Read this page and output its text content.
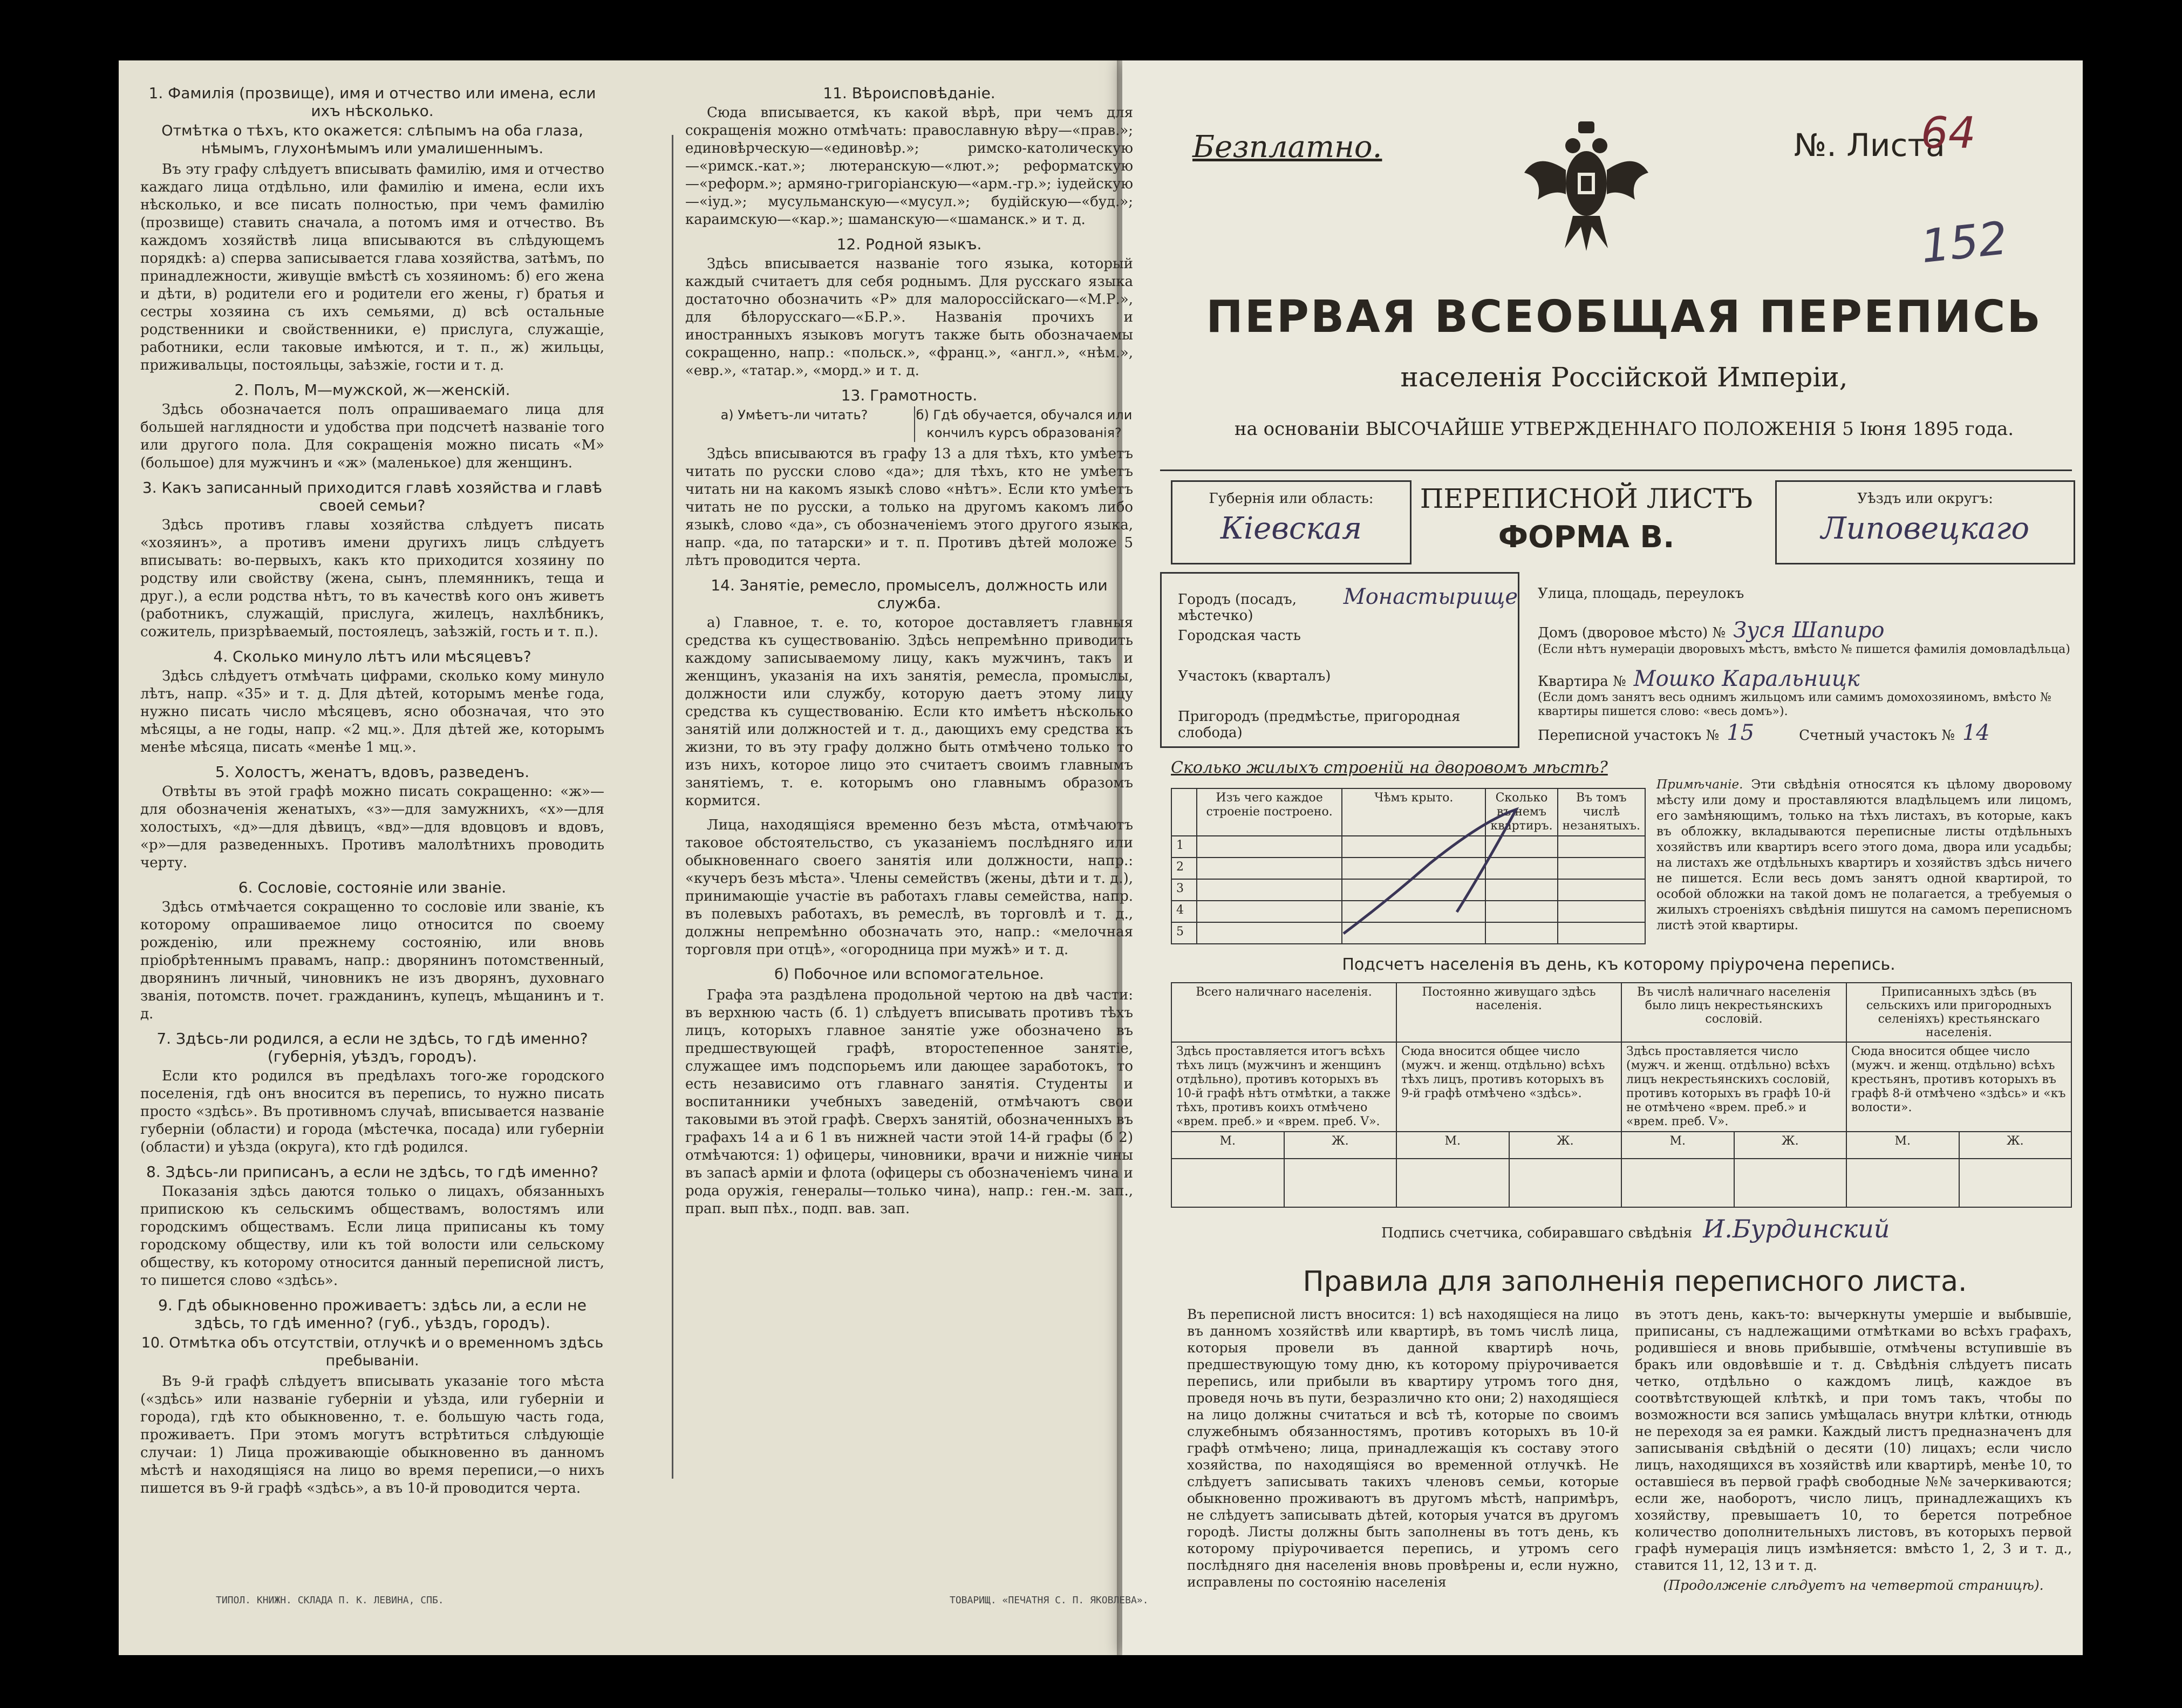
1. Фамилія (прозвище), имя и отчество или имена, если ихъ нѣсколько.
Отмѣтка о тѣхъ, кто окажется: слѣпымъ на оба глаза, нѣмымъ, глухонѣмымъ или умалишеннымъ.

Въ эту графу слѣдуетъ вписывать фамилію, имя и отчество каждаго лица отдѣльно, или фамилію и имена, если ихъ нѣсколько, и все писать полностью, при чемъ фамилію (прозвище) ставить сначала, а потомъ имя и отчество. Въ каждомъ хозяйствѣ лица вписываются въ слѣдующемъ порядкѣ: а) сперва записывается глава хозяйства, затѣмъ, по принадлежности, живущіе вмѣстѣ съ хозяиномъ: б) его жена и дѣти, в) родители его и родители его жены, г) братья и сестры хозяина съ ихъ семьями, д) всѣ остальные родственники и свойственники, е) прислуга, служащіе, работники, если таковые имѣются, и т. п., ж) жильцы, приживальцы, постояльцы, заѣзжіе, гости и т. д.

2. Полъ, М—мужской, ж—женскій.

Здѣсь обозначается полъ опрашиваемаго лица для большей наглядности и удобства при подсчетѣ названіе того или другого пола. Для сокращенія можно писать «М» (большое) для мужчинъ и «ж» (маленькое) для женщинъ.

3. Какъ записанный приходится главѣ хозяйства и главѣ своей семьи?

Здѣсь противъ главы хозяйства слѣдуетъ писать «хозяинъ», а противъ имени другихъ лицъ слѣдуетъ вписывать: во-первыхъ, какъ кто приходится хозяину по родству или свойству (жена, сынъ, племянникъ, теща и друг.), а если родства нѣтъ, то въ качествѣ кого онъ живетъ (работникъ, служащій, прислуга, жилецъ, нахлѣбникъ, сожитель, призрѣваемый, постоялецъ, заѣзжій, гость и т. п.).

4. Сколько минуло лѣтъ или мѣсяцевъ?

Здѣсь слѣдуетъ отмѣчать цифрами, сколько кому минуло лѣтъ, напр. «35» и т. д. Для дѣтей, которымъ менѣе года, нужно писать число мѣсяцевъ, ясно обозначая, что это мѣсяцы, а не годы, напр. «2 мц.». Для дѣтей же, которымъ менѣе мѣсяца, писать «менѣе 1 мц.».

5. Холостъ, женатъ, вдовъ, разведенъ.

Отвѣты въ этой графѣ можно писать сокращенно: «ж»—для обозначенія женатыхъ, «з»—для замужнихъ, «х»—для холостыхъ, «д»—для дѣвицъ, «вд»—для вдовцовъ и вдовъ, «р»—для разведенныхъ. Противъ малолѣтнихъ проводить черту.

6. Сословіе, состояніе или званіе.

Здѣсь отмѣчается сокращенно то сословіе или званіе, къ которому опрашиваемое лицо относится по своему рожденію, или прежнему состоянію, или вновь пріобрѣтеннымъ правамъ, напр.: дворянинъ потомственный, дворянинъ личный, чиновникъ не изъ дворянъ, духовнаго званія, потомств. почет. гражданинъ, купецъ, мѣщанинъ и т. д.

7. Здѣсь-ли родился, а если не здѣсь, то гдѣ именно? (губернія, уѣздъ, городъ).

Если кто родился въ предѣлахъ того-же городского поселенія, гдѣ онъ вносится въ перепись, то нужно писать просто «здѣсь». Въ противномъ случаѣ, вписывается названіе губерніи (области) и города (мѣстечка, посада) или губерніи (области) и уѣзда (округа), кто гдѣ родился.

8. Здѣсь-ли приписанъ, а если не здѣсь, то гдѣ именно?

Показанія здѣсь даются только о лицахъ, обязанныхъ припискою къ сельскимъ обществамъ, волостямъ или городскимъ обществамъ. Если лица приписаны къ тому городскому обществу, или къ той волости или сельскому обществу, къ которому относится данный переписной листъ, то пишется слово «здѣсь».

9. Гдѣ обыкновенно проживаетъ: здѣсь ли, а если не здѣсь, то гдѣ именно? (губ., уѣздъ, городъ).
10. Отмѣтка объ отсутствіи, отлучкѣ и о временномъ здѣсь пребываніи.

Въ 9-й графѣ слѣдуетъ вписывать указаніе того мѣста («здѣсь» или названіе губерніи и уѣзда, или губерніи и города), гдѣ кто обыкновенно, т. е. большую часть года, проживаетъ. При этомъ могутъ встрѣтиться слѣдующіе случаи: 1) Лица проживающіе обыкновенно въ данномъ мѣстѣ и находящіяся на лицо во время переписи,—о нихъ пишется въ 9-й графѣ «здѣсь», а въ 10-й проводится черта.

11. Вѣроисповѣданіе.

Сюда вписывается, къ какой вѣрѣ, при чемъ для сокращенія можно отмѣчать: православную вѣру—«прав.»; единовѣрческую—«единовѣр.»; римско-католическую—«римск.-кат.»; лютеранскую—«лют.»; реформатскую—«реформ.»; армяно-григоріанскую—«арм.-гр.»; іудейскую—«іуд.»; мусульманскую—«мусул.»; будійскую—«буд.»; караимскую—«кар.»; шаманскую—«шаманск.» и т. д.

12. Родной языкъ.

Здѣсь вписывается названіе того языка, который каждый считаетъ для себя роднымъ. Для русскаго языка достаточно обозначить «Р» для малороссійскаго—«М.Р.», для бѣлорусскаго—«Б.Р.». Названія прочихъ и иностранныхъ языковъ могутъ также быть обозначаемы сокращенно, напр.: «польск.», «франц.», «англ.», «нѣм.», «евр.», «татар.», «морд.» и т. д.

13. Грамотность.
а) Умѣетъ-ли читать?	б) Гдѣ обучается, обучался или кончилъ курсъ образованія?

Здѣсь вписываются въ графу 13 а для тѣхъ, кто умѣетъ читать по русски слово «да»; для тѣхъ, кто не умѣетъ читать ни на какомъ языкѣ слово «нѣтъ». Если кто умѣетъ читать не по русски, а только на другомъ какомъ либо языкѣ, слово «да», съ обозначеніемъ этого другого языка, напр. «да, по татарски» и т. п. Противъ дѣтей моложе 5 лѣтъ проводится черта.

14. Занятіе, ремесло, промыселъ, должность или служба.

а) Главное, т. е. то, которое доставляетъ главныя средства къ существованію. Здѣсь непремѣнно приводить каждому записываемому лицу, какъ мужчинъ, такъ и женщинъ, указанія на ихъ занятія, ремесла, промыслы, должности или службу, которую даетъ этому лицу средства къ существованію. Если кто имѣетъ нѣсколько занятій или должностей и т. д., дающихъ ему средства къ жизни, то въ эту графу должно быть отмѣчено только то изъ нихъ, которое лицо это считаетъ своимъ главнымъ занятіемъ, т. е. которымъ оно главнымъ образомъ кормится.

Лица, находящіяся временно безъ мѣста, отмѣчаютъ таковое обстоятельство, съ указаніемъ послѣдняго или обыкновеннаго своего занятія или должности, напр.: «кучеръ безъ мѣста». Члены семействъ (жены, дѣти и т. д.), принимающіе участіе въ работахъ главы семейства, напр. въ полевыхъ работахъ, въ ремеслѣ, въ торговлѣ и т. д., должны непремѣнно обозначать это, напр.: «мелочная торговля при отцѣ», «огородница при мужѣ» и т. д.

б) Побочное или вспомогательное.

Графа эта раздѣлена продольной чертою на двѣ части: въ верхнюю часть (б. 1) слѣдуетъ вписывать противъ тѣхъ лицъ, которыхъ главное занятіе уже обозначено въ предшествующей графѣ, второстепенное занятіе, служащее имъ подспорьемъ или дающее заработокъ, то есть независимо отъ главнаго занятія. Студенты и воспитанники учебныхъ заведеній, отмѣчаютъ свои таковыми въ этой графѣ. Сверхъ занятій, обозначенныхъ въ графахъ 14 а и 6 1 въ нижней части этой 14-й графы (б 2) отмѣчаются: 1) офицеры, чиновники, врачи и нижніе чины въ запасѣ арміи и флота (офицеры съ обозначеніемъ чина и рода оружія, генералы—только чина), напр.: ген.-м. зап., прап. вып пѣх., подп. вав. зап.

ТИПОЛ. КНИЖН. СКЛАДА П. К. ЛЕВИНА, СПБ.	ТОВАРИЩ. «ПЕЧАТНЯ С. П. ЯКОВЛЕВА».
Безплатно.	№. Листа
64
152
ПЕРВАЯ ВСЕОБЩАЯ ПЕРЕПИСЬ
населенія Россійской Имперіи,
на основаніи ВЫСОЧАЙШЕ УТВЕРЖДЕННАГО ПОЛОЖЕНІЯ 5 Іюня 1895 года.
Губернія или область:
Кіевская
ПЕРЕПИСНОЙ ЛИСТЪ
ФОРМА В.
Уѣздъ или округъ:
Липовецкаго
Городъ (посадъ, мѣстечко)
Монастырище
Городская часть
Участокъ (кварталъ)
Пригородъ (предмѣстье, пригородная слобода)
Улица, площадь, переулокъ
Домъ (дворовое мѣсто) № Зуся Шапиро
(Если нѣтъ нумераціи дворовыхъ мѣстъ, вмѣсто № пишется фамилія домовладѣльца)
Квартира № Мошко Каральницк
(Если домъ занятъ весь однимъ жильцомъ или самимъ домохозяиномъ, вмѣсто № квартиры пишется слово: «весь домъ»).
Переписной участокъ № 15	Счетный участокъ № 14
Сколько жилыхъ строеній на дворовомъ мѣстѣ?
	Изъ чего каждое строеніе построено.	Чѣмъ крыто.	Сколько въ немъ квартиръ.	Въ томъ числѣ незанятыхъ.
1				
2				
3				
4				
5				
Примѣчаніе. Эти свѣдѣнія относятся къ цѣлому дворовому мѣсту или дому и проставляются владѣльцемъ или лицомъ, его замѣняющимъ, только на тѣхъ листахъ, въ которые, какъ въ обложку, вкладываются переписные листы отдѣльныхъ хозяйствъ или квартиръ всего этого дома, двора или усадьбы; на листахъ же отдѣльныхъ квартиръ и хозяйствъ здѣсь ничего не пишется. Если весь домъ занятъ одной квартирой, то особой обложки на такой домъ не полагается, а требуемыя о жилыхъ строеніяхъ свѣдѣнія пишутся на самомъ переписномъ листѣ этой квартиры.
Подсчетъ населенія въ день, къ которому пріурочена перепись.
Всего наличнаго населенія.		Постоянно живущаго здѣсь населенія.		Въ числѣ наличнаго населенія было лицъ некрестьянскихъ сословій.		Приписанныхъ здѣсь (въ сельскихъ или пригородныхъ селеніяхъ) крестьянскаго населенія.	
Здѣсь проставляется итогъ всѣхъ тѣхъ лицъ (мужчинъ и женщинъ отдѣльно), противъ которыхъ въ 10-й графѣ нѣтъ отмѣтки, а также тѣхъ, противъ коихъ отмѣчено «врем. преб.» и «врем. преб. V».		Сюда вносится общее число (мужч. и женщ. отдѣльно) всѣхъ тѣхъ лицъ, противъ которыхъ въ 9-й графѣ отмѣчено «здѣсь».		Здѣсь проставляется число (мужч. и женщ. отдѣльно) всѣхъ лицъ некрестьянскихъ сословій, противъ которыхъ въ графѣ 10-й не отмѣчено «врем. преб.» и «врем. преб. V».		Сюда вносится общее число (мужч. и женщ. отдѣльно) всѣхъ крестьянъ, противъ которыхъ въ графѣ 8-й отмѣчено «здѣсь» и «къ волости».	
М.	Ж.	М.	Ж.	М.	Ж.	М.	Ж.

Подпись счетчика, собиравшаго свѣдѣнія И.Бурдинский
Правила для заполненія переписного листа.
Въ переписной листъ вносится: 1) всѣ находящіеся на лицо въ данномъ хозяйствѣ или квартирѣ, въ томъ числѣ лица, которыя провели въ данной квартирѣ ночь, предшествующую тому дню, къ которому пріурочивается перепись, или прибыли въ квартиру утромъ того дня, проведя ночь въ пути, безразлично кто они; 2) находящіеся на лицо должны считаться и всѣ тѣ, которые по своимъ служебнымъ обязанностямъ, противъ которыхъ въ 10-й графѣ отмѣчено; лица, принадлежащія къ составу этого хозяйства, по находящіяся во временной отлучкѣ. Не слѣдуетъ записывать такихъ членовъ семьи, которые обыкновенно проживаютъ въ другомъ мѣстѣ, напримѣръ, не слѣдуетъ записывать дѣтей, которыя учатся въ другомъ городѣ. Листы должны быть заполнены въ тотъ день, къ которому пріурочивается перепись, и утромъ сего послѣдняго дня населенія вновь провѣрены и, если нужно, исправлены по состоянію населенія
въ этотъ день, какъ-то: вычеркнуты умершіе и выбывшіе, приписаны, съ надлежащими отмѣтками во всѣхъ графахъ, родившіеся и вновь прибывшіе, отмѣчены вступившіе въ бракъ или овдовѣвшіе и т. д. Свѣдѣнія слѣдуетъ писать четко, отдѣльно о каждомъ лицѣ, каждое въ соотвѣтствующей клѣткѣ, и при томъ такъ, чтобы по возможности вся запись умѣщалась внутри клѣтки, отнюдь не переходя за ея рамки. Каждый листъ предназначенъ для записыванія свѣдѣній о десяти (10) лицахъ; если число лицъ, находящихся въ хозяйствѣ или квартирѣ, менѣе 10, то оставшіеся въ первой графѣ свободные №№ зачеркиваются; если же, наоборотъ, число лицъ, принадлежащихъ къ хозяйству, превышаетъ 10, то берется потребное количество дополнительныхъ листовъ, въ которыхъ первой графѣ нумерація лицъ измѣняется: вмѣсто 1, 2, 3 и т. д., ставится 11, 12, 13 и т. д.
(Продолженіе слѣдуетъ на четвертой страницѣ).
